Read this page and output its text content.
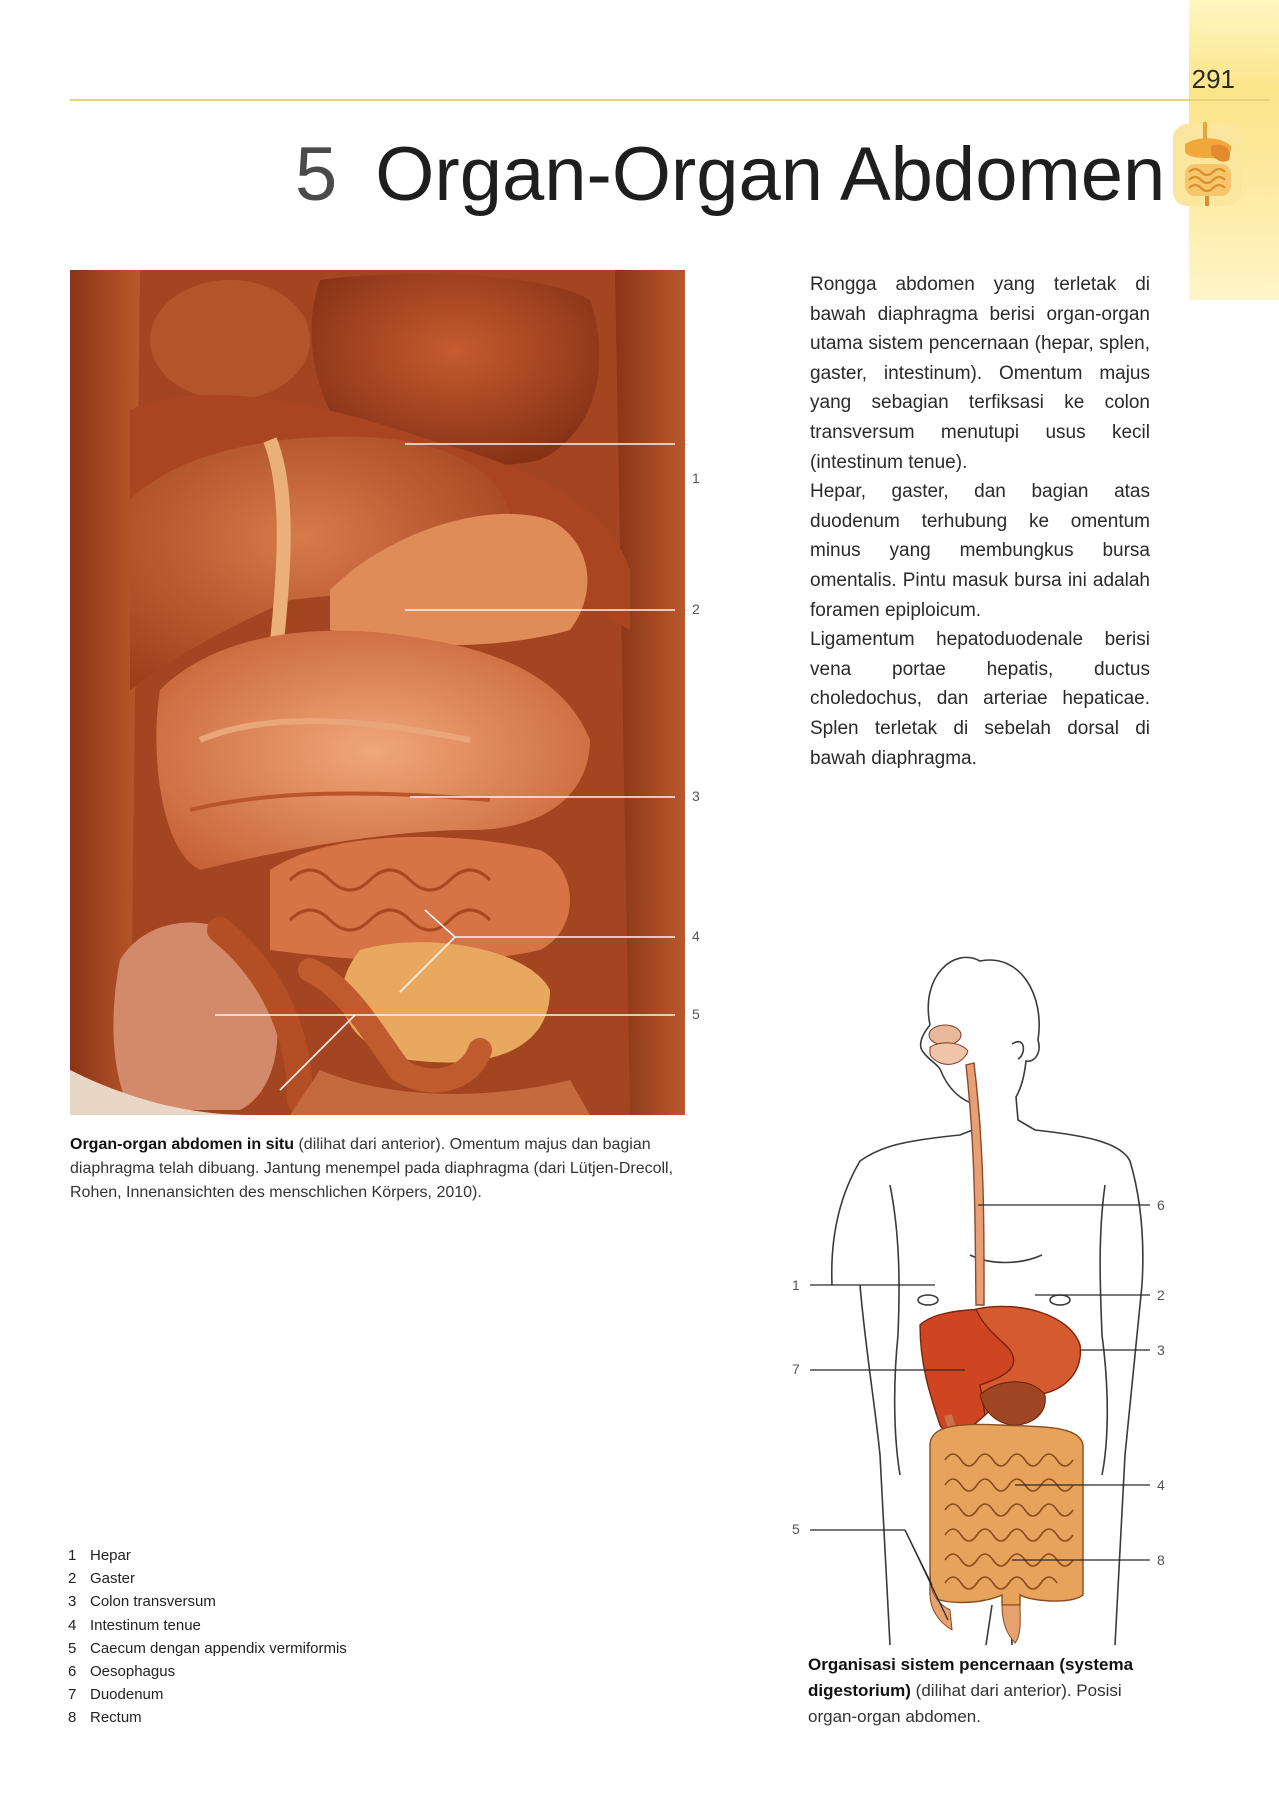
291
5 Organ-Organ Abdomen
1
2
3
4
5
Organ-organ abdomen in situ (dilihat dari anterior). Omentum majus dan bagian diaphragma telah dibuang. Jantung menempel pada diaphragma (dari Lütjen-Drecoll, Rohen, Innenansichten des menschlichen Körpers, 2010).

Rongga abdomen yang terletak di bawah diaphragma berisi organ-organ utama sistem pencernaan (hepar, splen, gaster, intestinum). Omentum majus yang sebagian terfiksasi ke colon transversum menutupi usus kecil (intestinum tenue).

Hepar, gaster, dan bagian atas duodenum terhubung ke omentum minus yang membungkus bursa omentalis. Pintu masuk bursa ini adalah foramen epiploicum.

Ligamentum hepatoduodenale berisi vena portae hepatis, ductus choledochus, dan arteriae hepaticae. Splen terletak di sebelah dorsal di bawah diaphragma.

6
1
2
3
7
4
5
8
Organisasi sistem pencernaan (systema digestorium) (dilihat dari anterior). Posisi organ-organ abdomen.
1 Hepar
2 Gaster
3 Colon transversum
4 Intestinum tenue
5 Caecum dengan appendix vermiformis
6 Oesophagus
7 Duodenum
8 Rectum
